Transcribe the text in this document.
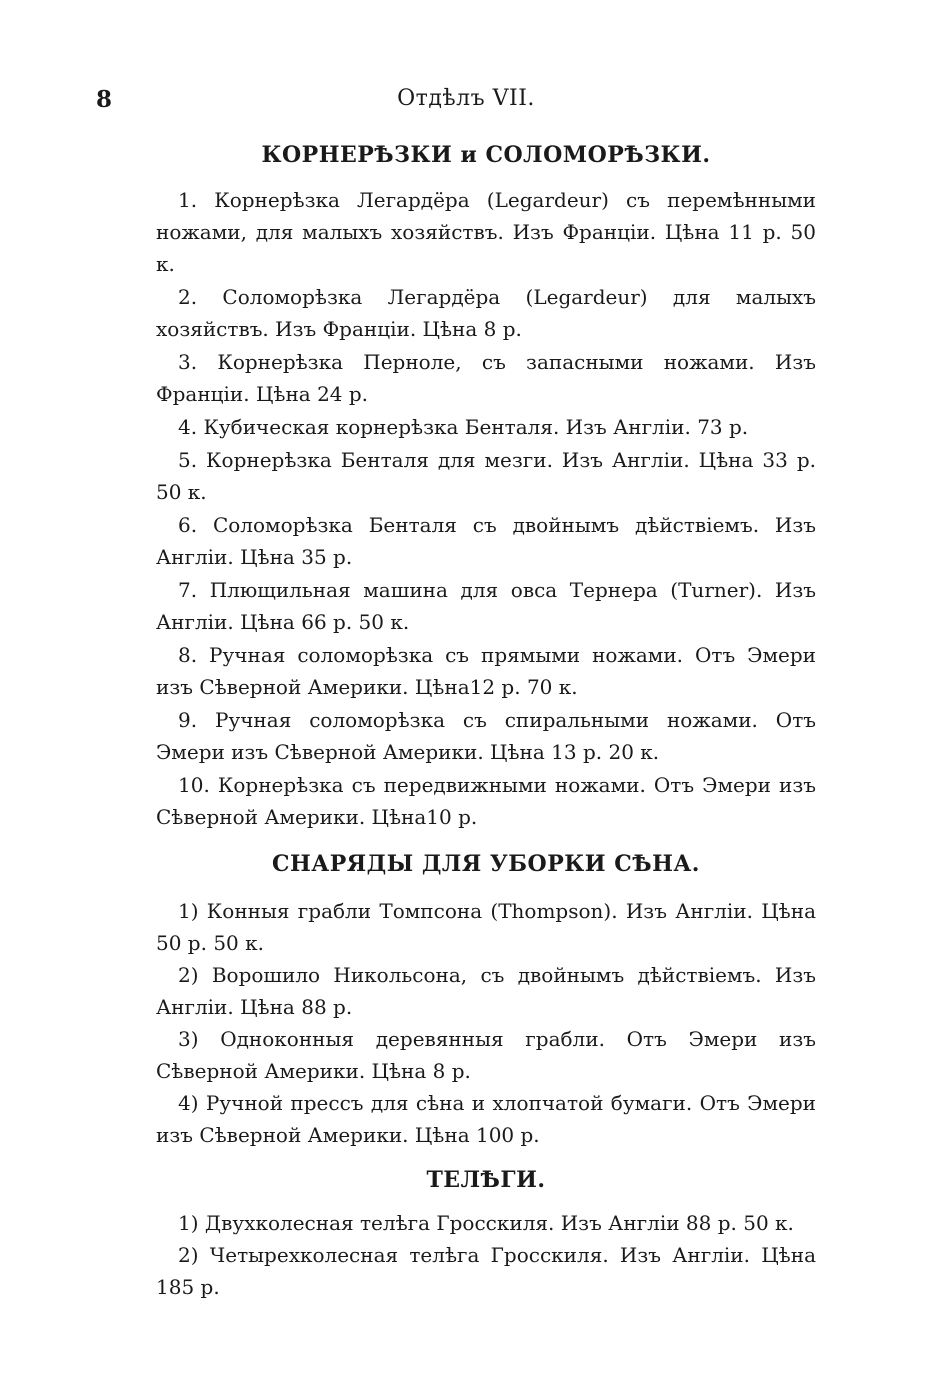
8	Отдѣлъ VII.
КОРНЕРѢЗКИ и СОЛОМОРѢЗКИ.

1. Корнерѣзка Легардёра (Legardeur) съ перемѣнными ножами, для малыхъ хозяйствъ. Изъ Франціи. Цѣна 11 р. 50 к.

2. Соломорѣзка Легардёра (Legardeur) для малыхъ хозяйствъ. Изъ Франціи. Цѣна 8 р.

3. Корнерѣзка Перноле, съ запасными ножами. Изъ Франціи. Цѣна 24 р.

4. Кубическая корнерѣзка Бенталя. Изъ Англіи. 73 р.

5. Корнерѣзка Бенталя для мезги. Изъ Англіи. Цѣна 33 р. 50 к.

6. Соломорѣзка Бенталя съ двойнымъ дѣйствіемъ. Изъ Англіи. Цѣна 35 р.

7. Плющильная машина для овса Тернера (Turner). Изъ Англіи. Цѣна 66 р. 50 к.

8. Ручная соломорѣзка съ прямыми ножами. Отъ Эмери изъ Сѣверной Америки. Цѣна12 р. 70 к.

9. Ручная соломорѣзка съ спиральными ножами. Отъ Эмери изъ Сѣверной Америки. Цѣна 13 р. 20 к.

10. Корнерѣзка съ передвижными ножами. Отъ Эмери изъ Сѣверной Америки. Цѣна10 р.

СНАРЯДЫ ДЛЯ УБОРКИ СѢНА.

1) Конныя грабли Томпсона (Thompson). Изъ Англіи. Цѣна 50 р. 50 к.

2) Ворошило Никольсона, съ двойнымъ дѣйствіемъ. Изъ Англіи. Цѣна 88 р.

3) Одноконныя деревянныя грабли. Отъ Эмери изъ Сѣверной Америки. Цѣна 8 р.

4) Ручной прессъ для сѣна и хлопчатой бумаги. Отъ Эмери изъ Сѣверной Америки. Цѣна 100 р.

ТЕЛѢГИ.

1) Двухколесная телѣга Гросскиля. Изъ Англіи 88 р. 50 к.

2) Четырехколесная телѣга Гросскиля. Изъ Англіи. Цѣна 185 р.
